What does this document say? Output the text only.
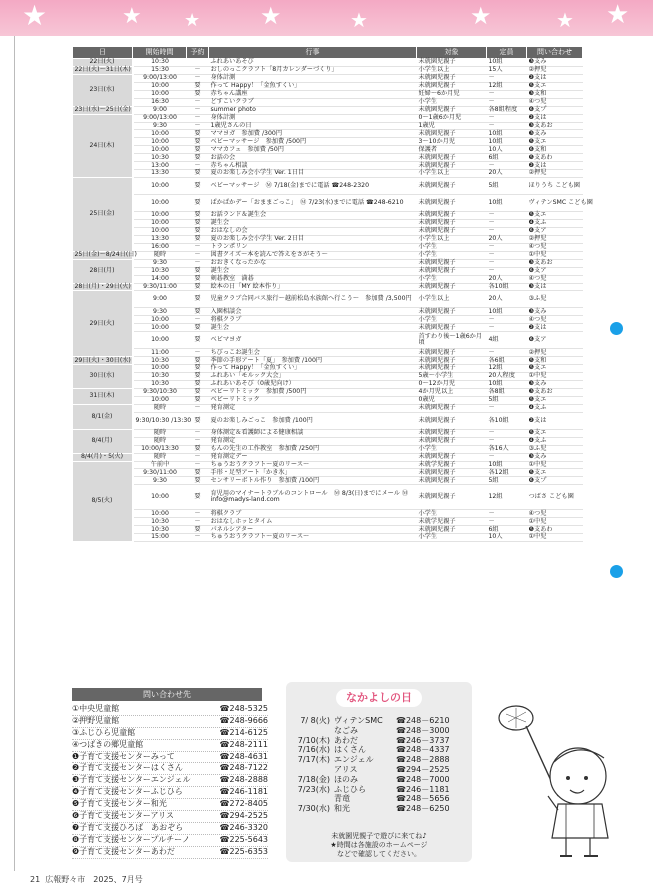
★	★ ★ ★	★	★	★ ★
日	開始時間	予約	行事	対象	定員	問い合わせ
22日(火)	10:30		ふれあいあそび	未就園児親子	10組	❸支み
22日(火)～31日(木)	15:30	－	おしのっこクラフト「8月カレンダーづくり」	小学生以上	15人	②押児
23日(水)	9:00/13:00	－	身体計測	未就園児親子	－	❷支は
	10:00	要	作って Happy！「金魚すくい」	未就園児親子	12組	❺支エ
	10:00	要	赤ちゃん講座	妊婦～6か月児	－	❸支和
	16:30	－	どすこいクラブ	小学生	－	④つ児
23日(水)～25日(金)	9:00	－	summer photo	未就園児親子	各8組程度	❻支プ
24日(木)	9:00/13:00	－	身体計測	0～1歳6か月児	－	❷支は
	9:30	－	1歳児さんの日	1歳児	－	❸支あお
	10:00	要	ママヨガ　参加費 /300円	未就園児親子	10組	❸支み
	10:00	要	ベビーマッサージ　参加費 /500円	3～10か月児	10組	❺支エ
	10:00	要	ママカフェ　参加費 /50円	保護者	10人	❻支和
	10:30	要	お話の会	未就園児親子	6組	❺支あわ
	13:00	－	赤ちゃん相談	未就園児親子	－	❷支は
	13:30	要	夏のお楽しみ会小学生 Ver. 1日目	小学生以上	20人	②押児
25日(金)	10:00	要	ベビーマッサージ　Ⓜ 7/18(金)までに電話 ☎248-2320	未就園児親子	5組	ほりうち こども園
	10:00	要	ぱかぱかデー「おままごっこ」　Ⓜ 7/23(水)までに電話 ☎248-6210	未就園児親子	10組	ヴィテンSMC こども園
	10:00	要	お話ランド＆誕生会	未就園児親子	－	❺支エ
	10:00	要	誕生会	未就園児親子	－	❹支ふ
	10:00	要	おはなしの会	未就園児親子	－	❻支ア
	13:30	要	夏のお楽しみ会小学生 Ver. 2日目	小学生以上	20人	②押児
	16:00	－	トランポリン	小学生	－	④つ児
25日(金)～8/24日(日)	随時	－	図書クイズ～本を読んで答えをさがそう～	小学生	－	①中児
28日(月)	9:30	－	おおきくなったかな	未就園児親子	－	❸支あお
	10:30	要	誕生会	未就園児親子	－	❻支ア
	14:00	要	剣碁教室　満碁	小学生	20人	④つ児
28日(月)・29日(火)	9:30/11:00	要	絵本の日「MY 絵本作り」	未就園児親子	各10組	❸支は
29日(火)	9:00	要	児童クラブ合同バス旅行～越前松島水族館へ行こう～　参加費 /3,500円	小学生以上	20人	③ふ児
	9:30	要	入園相談会	未就園児親子	10組	❸支み
	10:00	－	将棋クラブ	小学生	－	④つ児
	10:00	要	誕生会	未就園児親子	－	❷支は
	10:00	要	ベビマヨガ	首すわり後～1歳6か月頃	4組	❻支ア
	11:00	－	ちびっこお誕生会	未就園児親子	－	②押児
29日(火)・30日(水)	10:30	要	季節の手形アート「夏」　参加費 /100円	未就園児親子	各6組	❺支和
30日(水)	10:00	要	作って Happy！「金魚すくい」	未就園児親子	12組	❺支エ
	10:30	要	ふれあい「モルック大会」	5歳～小学生	20人程度	①中児
	10:30	要	ふれあいあそび（0歳児向け）	0～12か月児	10組	❸支み
31日(木)	9:30/10:30	要	ベビーリトミック　参加費 /500円	4か月児以上	各8組	❸支あお
	10:00	要	ベビーリトミック	0歳児	5組	❺支エ
8/1(金)	随時	－	発育測定	未就園児親子	－	❹支ふ
	9:30/10:30 /13:30	要	夏のお楽しみごっこ　参加費 /100円	未就園児親子	各10組	❷支は
8/4(月)	随時	－	身体測定＆看護師による健康相談	未就園児親子	－	❺支エ
	随時	－	発育測定	未就園児親子	－	❹支ふ
	10:00/13:30	要	もんの先生の工作教室　参加費 /250円	小学生	各16人	③ふ児
8/4(月)・5(火)	随時	－	発育測定デー	未就園児親子	－	❸支み
8/5(火)	午前中	－	ちゅうおうクラフト～夏のリース～	未就学児親子	10組	①中児
	9:30/11:00	要	手形・足型アート「かき氷」	未就園児親子	各12組	❺支エ
	9:30	要	センサリーボトル作り　参加費 /100円	未就園児親子	5組	❻支プ
	10:00	要	育児用のマイナートラブルのコントロール　Ⓜ 8/3(日)までにメール Ⓜ info@madys-land.com	未就園児親子	12組	つばさ こども園
	10:00	－	将棋クラブ	小学生	－	④つ児
	10:30	－	おはなしホッとタイム	未就学児親子	－	①中児
	10:30	要	パネルシアター	未就園児親子	6組	❺支あわ
	15:00	－	ちゅうおうクラフト～夏のリース～	小学生	10人	①中児
問い合わせ先
①中央児童館	☎248-5325
②押野児童館	☎248-9666
③ふじひら児童館	☎214-6125
④つばきの郷児童館	☎248-2111
❶子育て支援センターみって	☎248-4631
❷子育て支援センターはくさん	☎248-7122
❸子育て支援センターエンジェル	☎248-2888
❹子育て支援センターふじひら	☎246-1181
❺子育て支援センター和光	☎272-8405
❻子育て支援センターアリス	☎294-2525
❼子育て支援ひろば　あおぞら	☎246-3320
❽子育て支援センタープルチーノ	☎225-5643
❾子育て支援センターあわだ	☎225-6353
なかよしの日
7/ 8(火) ヴィテンSMC	☎248－6210
なごみ	☎248－3000
7/10(木) あわだ	☎246－3737
7/16(水) はくさん	☎248－4337
7/17(木) エンジェル	☎248－2888
アリス	☎294－2525
7/18(金) ほのみ	☎248－7000
7/23(水) ふじひら	☎246－1181
青竜	☎248－5656
7/30(水) 和光	☎248－6250
未就園児親子で遊びに来てね♪
★時間は各施設のホームページ
などで確認してください。
21 広報野々市　2025、7月号
